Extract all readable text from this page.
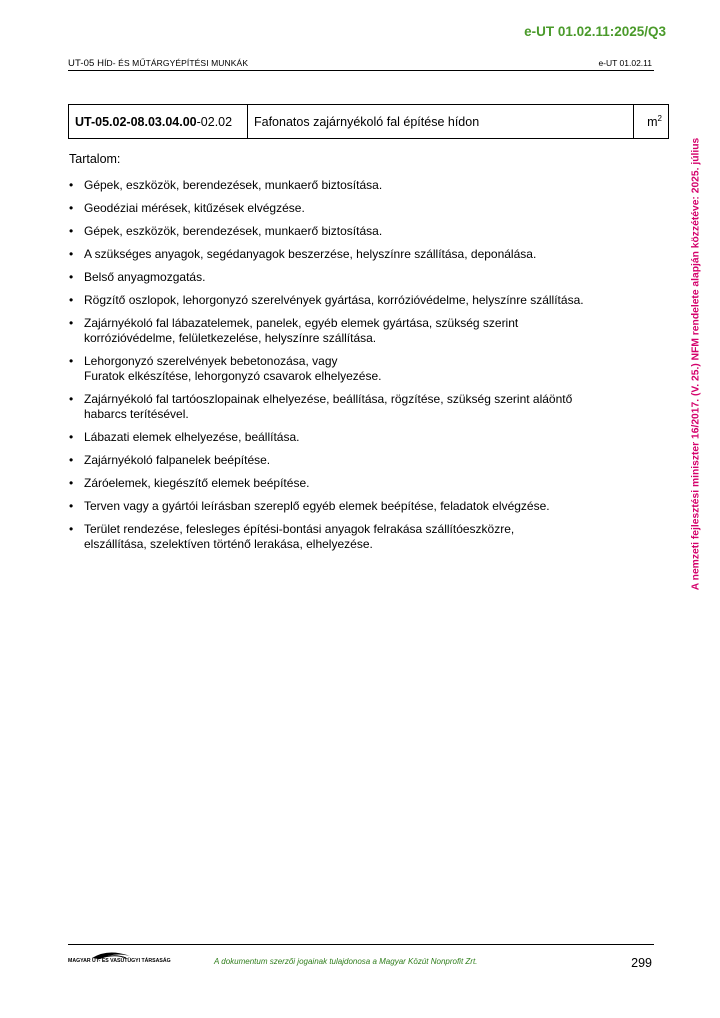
e-UT 01.02.11:2025/Q3
UT-05 HÍD- ÉS MŰTÁRGYÉPÍTÉSI MUNKÁK	e-UT 01.02.11
UT-05.02-08.03.04.00-02.02	Fafonatos zajárnyékoló fal építése hídon	$m^2$
Tartalom:
• Gépek, eszközök, berendezések, munkaerő biztosítása.
• Geodéziai mérések, kitűzések elvégzése.
• Gépek, eszközök, berendezések, munkaerő biztosítása.
• A szükséges anyagok, segédanyagok beszerzése, helyszínre szállítása, deponálása.
• Belső anyagmozgatás.
• Rögzítő oszlopok, lehorgonyzó szerelvények gyártása, korrózióvédelme, helyszínre szállítása.
• Zajárnyékoló fal lábazatelemek, panelek, egyéb elemek gyártása, szükség szerint
korrózióvédelme, felületkezelése, helyszínre szállítása.
• Lehorgonyzó szerelvények bebetonozása, vagy
Furatok elkészítése, lehorgonyzó csavarok elhelyezése.
• Zajárnyékoló fal tartóoszlopainak elhelyezése, beállítása, rögzítése, szükség szerint aláöntő
habarcs terítésével.
• Lábazati elemek elhelyezése, beállítása.
• Zajárnyékoló falpanelek beépítése.
• Záróelemek, kiegészítő elemek beépítése.
• Terven vagy a gyártói leírásban szereplő egyéb elemek beépítése, feladatok elvégzése.
• Terület rendezése, felesleges építési-bontási anyagok felrakása szállítóeszközre,
elszállítása, szelektíven történő lerakása, elhelyezése.	A nemzeti fejlesztési miniszter 16/2017. (V. 25.) NFM rendelete alapján közzétéve: 2025. július
MAGYAR UT- ÉS VASÚTÜGYI TÁRSASÁG	A dokumentum szerzői jogainak tulajdonosa a Magyar Közút Nonprofit Zrt.	299
